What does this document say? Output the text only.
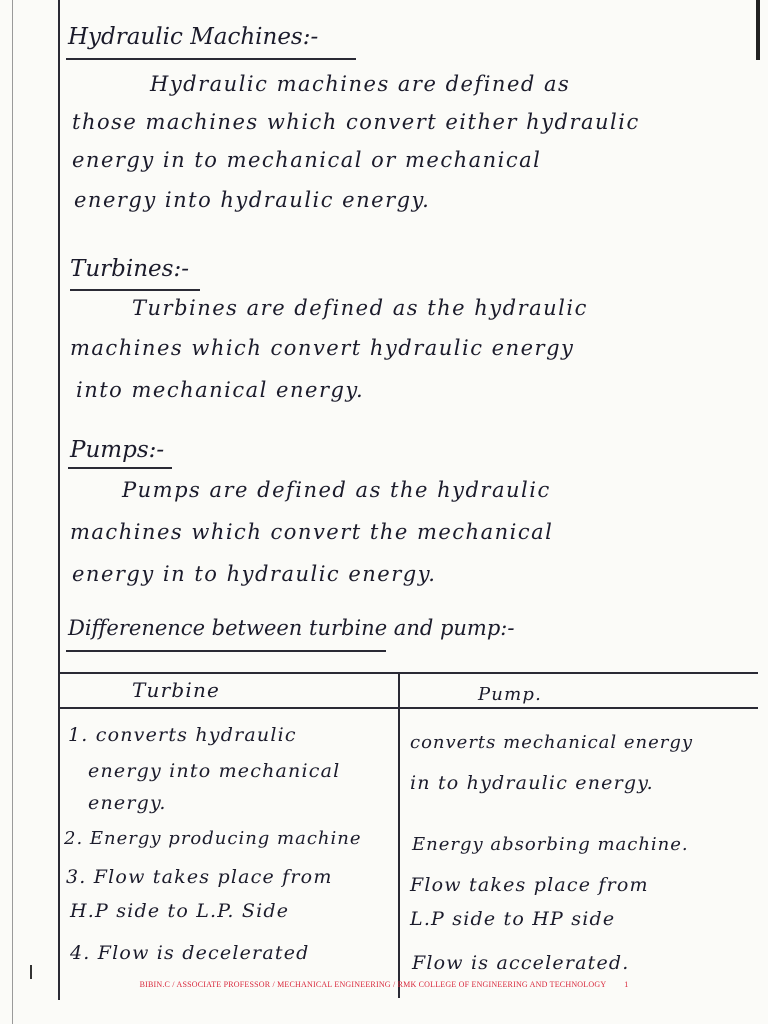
Hydraulic Machines:-
Hydraulic machines are defined as
those machines which convert either hydraulic
energy in to mechanical or mechanical
energy into hydraulic energy.
Turbines:-
Turbines are defined as the hydraulic
machines which convert hydraulic energy
into mechanical energy.
Pumps:-
Pumps are defined as the hydraulic
machines which convert the mechanical
energy in to hydraulic energy.
Differenence between turbine and pump:-
Turbine	Pump.
1. converts hydraulic
energy into mechanical
energy.
2. Energy producing machine
3. Flow takes place from
H.P side to L.P. Side
4. Flow is decelerated
converts mechanical energy
in to hydraulic energy.
Energy absorbing machine.
Flow takes place from
L.P side to HP side
Flow is accelerated.
BIBIN.C / ASSOCIATE PROFESSOR / MECHANICAL ENGINEERING / RMK COLLEGE OF ENGINEERING AND TECHNOLOGY 1
